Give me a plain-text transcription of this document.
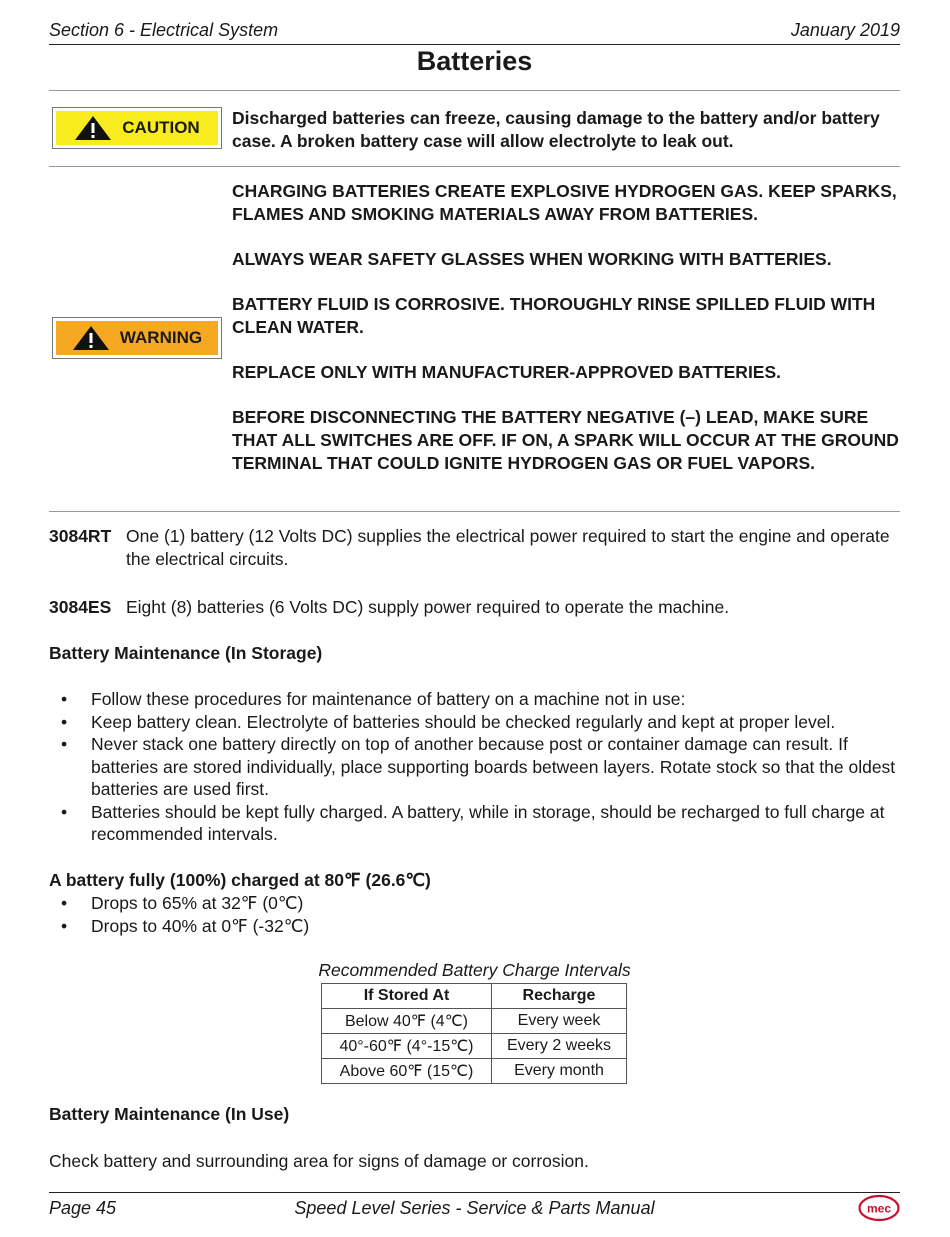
Section 6 - Electrical System	January 2019
Batteries
CAUTION Discharged batteries can freeze, causing damage to the battery and/or battery case. A broken battery case will allow electrolyte to leak out.
WARNING

CHARGING BATTERIES CREATE EXPLOSIVE HYDROGEN GAS. KEEP SPARKS, FLAMES AND SMOKING MATERIALS AWAY FROM BATTERIES.

ALWAYS WEAR SAFETY GLASSES WHEN WORKING WITH BATTERIES.

BATTERY FLUID IS CORROSIVE. THOROUGHLY RINSE SPILLED FLUID WITH CLEAN WATER.

REPLACE ONLY WITH MANUFACTURER-APPROVED BATTERIES.

BEFORE DISCONNECTING THE BATTERY NEGATIVE (–) LEAD, MAKE SURE THAT ALL SWITCHES ARE OFF. IF ON, A SPARK WILL OCCUR AT THE GROUND TERMINAL THAT COULD IGNITE HYDROGEN GAS OR FUEL VAPORS.

3084RT One (1) battery (12 Volts DC) supplies the electrical power required to start the engine and operate the electrical circuits.
3084ES Eight (8) batteries (6 Volts DC) supply power required to operate the machine.
Battery Maintenance (In Storage)
• Follow these procedures for maintenance of battery on a machine not in use:
• Keep battery clean. Electrolyte of batteries should be checked regularly and kept at proper level.
• Never stack one battery directly on top of another because post or container damage can result. If batteries are stored individually, place supporting boards between layers. Rotate stock so that the oldest batteries are used first.
• Batteries should be kept fully charged. A battery, while in storage, should be recharged to full charge at recommended intervals.
A battery fully (100%) charged at 80℉ (26.6℃)
• Drops to 65% at 32℉ (0℃)
• Drops to 40% at 0℉ (-32℃)
Recommended Battery Charge Intervals
If Stored At	Recharge
Below 40℉ (4℃)	Every week
40°-60℉ (4°-15℃)	Every 2 weeks
Above 60℉ (15℃)	Every month
Battery Maintenance (In Use)
Check battery and surrounding area for signs of damage or corrosion.
Page 45	Speed Level Series - Service & Parts Manual	mec
